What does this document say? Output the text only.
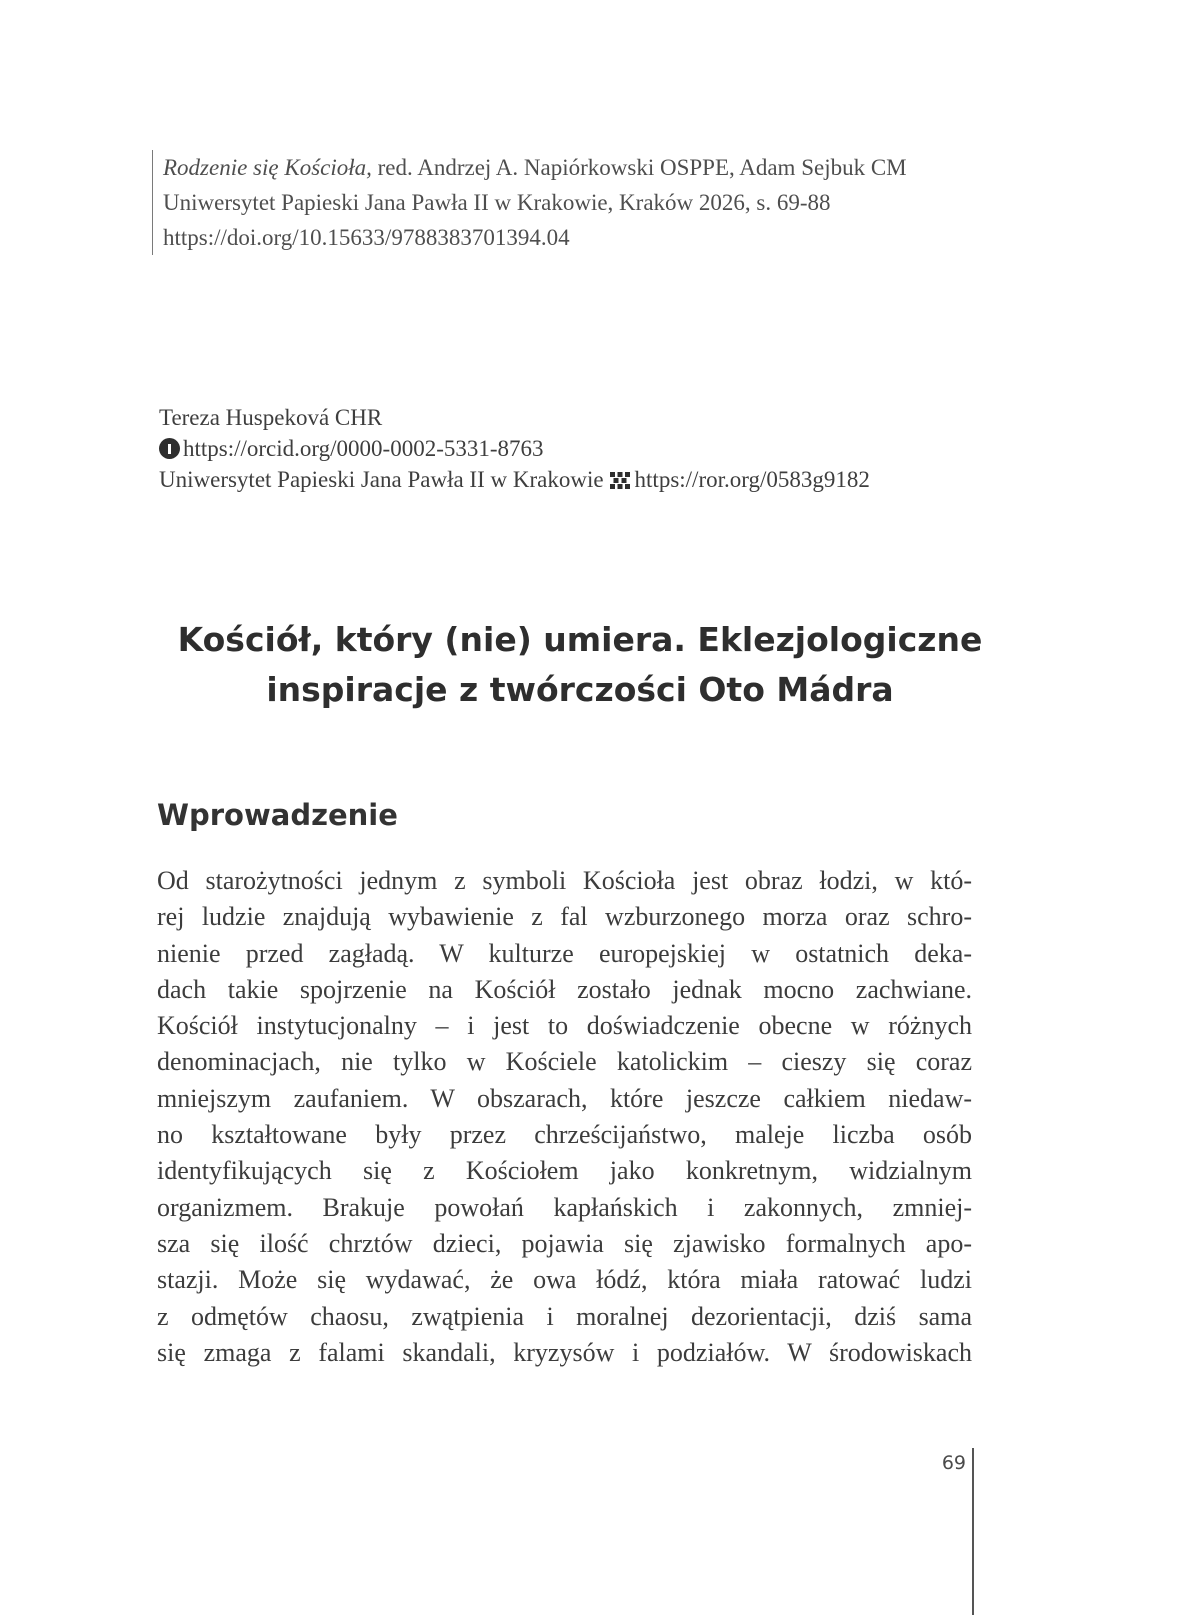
Rodzenie się Kościoła, red. Andrzej A. Napiórkowski OSPPE, Adam Sejbuk CM
Uniwersytet Papieski Jana Pawła II w Krakowie, Kraków 2026, s. 69-88
https://doi.org/10.15633/9788383701394.04
Tereza Huspeková CHR
https://orcid.org/0000-0002-5331-8763
Uniwersytet Papieski Jana Pawła II w Krakowie https://ror.org/0583g9182
Kościół, który (nie) umiera. Eklezjologiczne
inspiracje z twórczości Oto Mádra
Wprowadzenie
Od starożytności jednym z symboli Kościoła jest obraz łodzi, w któ-
rej ludzie znajdują wybawienie z fal wzburzonego morza oraz schro-
nienie przed zagładą. W kulturze europejskiej w ostatnich deka-
dach takie spojrzenie na Kościół zostało jednak mocno zachwiane.
Kościół instytucjonalny – i jest to doświadczenie obecne w różnych
denominacjach, nie tylko w Kościele katolickim – cieszy się coraz
mniejszym zaufaniem. W obszarach, które jeszcze całkiem niedaw-
no kształtowane były przez chrześcijaństwo, maleje liczba osób
identyfikujących się z Kościołem jako konkretnym, widzialnym
organizmem. Brakuje powołań kapłańskich i zakonnych, zmniej-
sza się ilość chrztów dzieci, pojawia się zjawisko formalnych apo-
stazji. Może się wydawać, że owa łódź, która miała ratować ludzi
z odmętów chaosu, zwątpienia i moralnej dezorientacji, dziś sama
się zmaga z falami skandali, kryzysów i podziałów. W środowiskach
69
